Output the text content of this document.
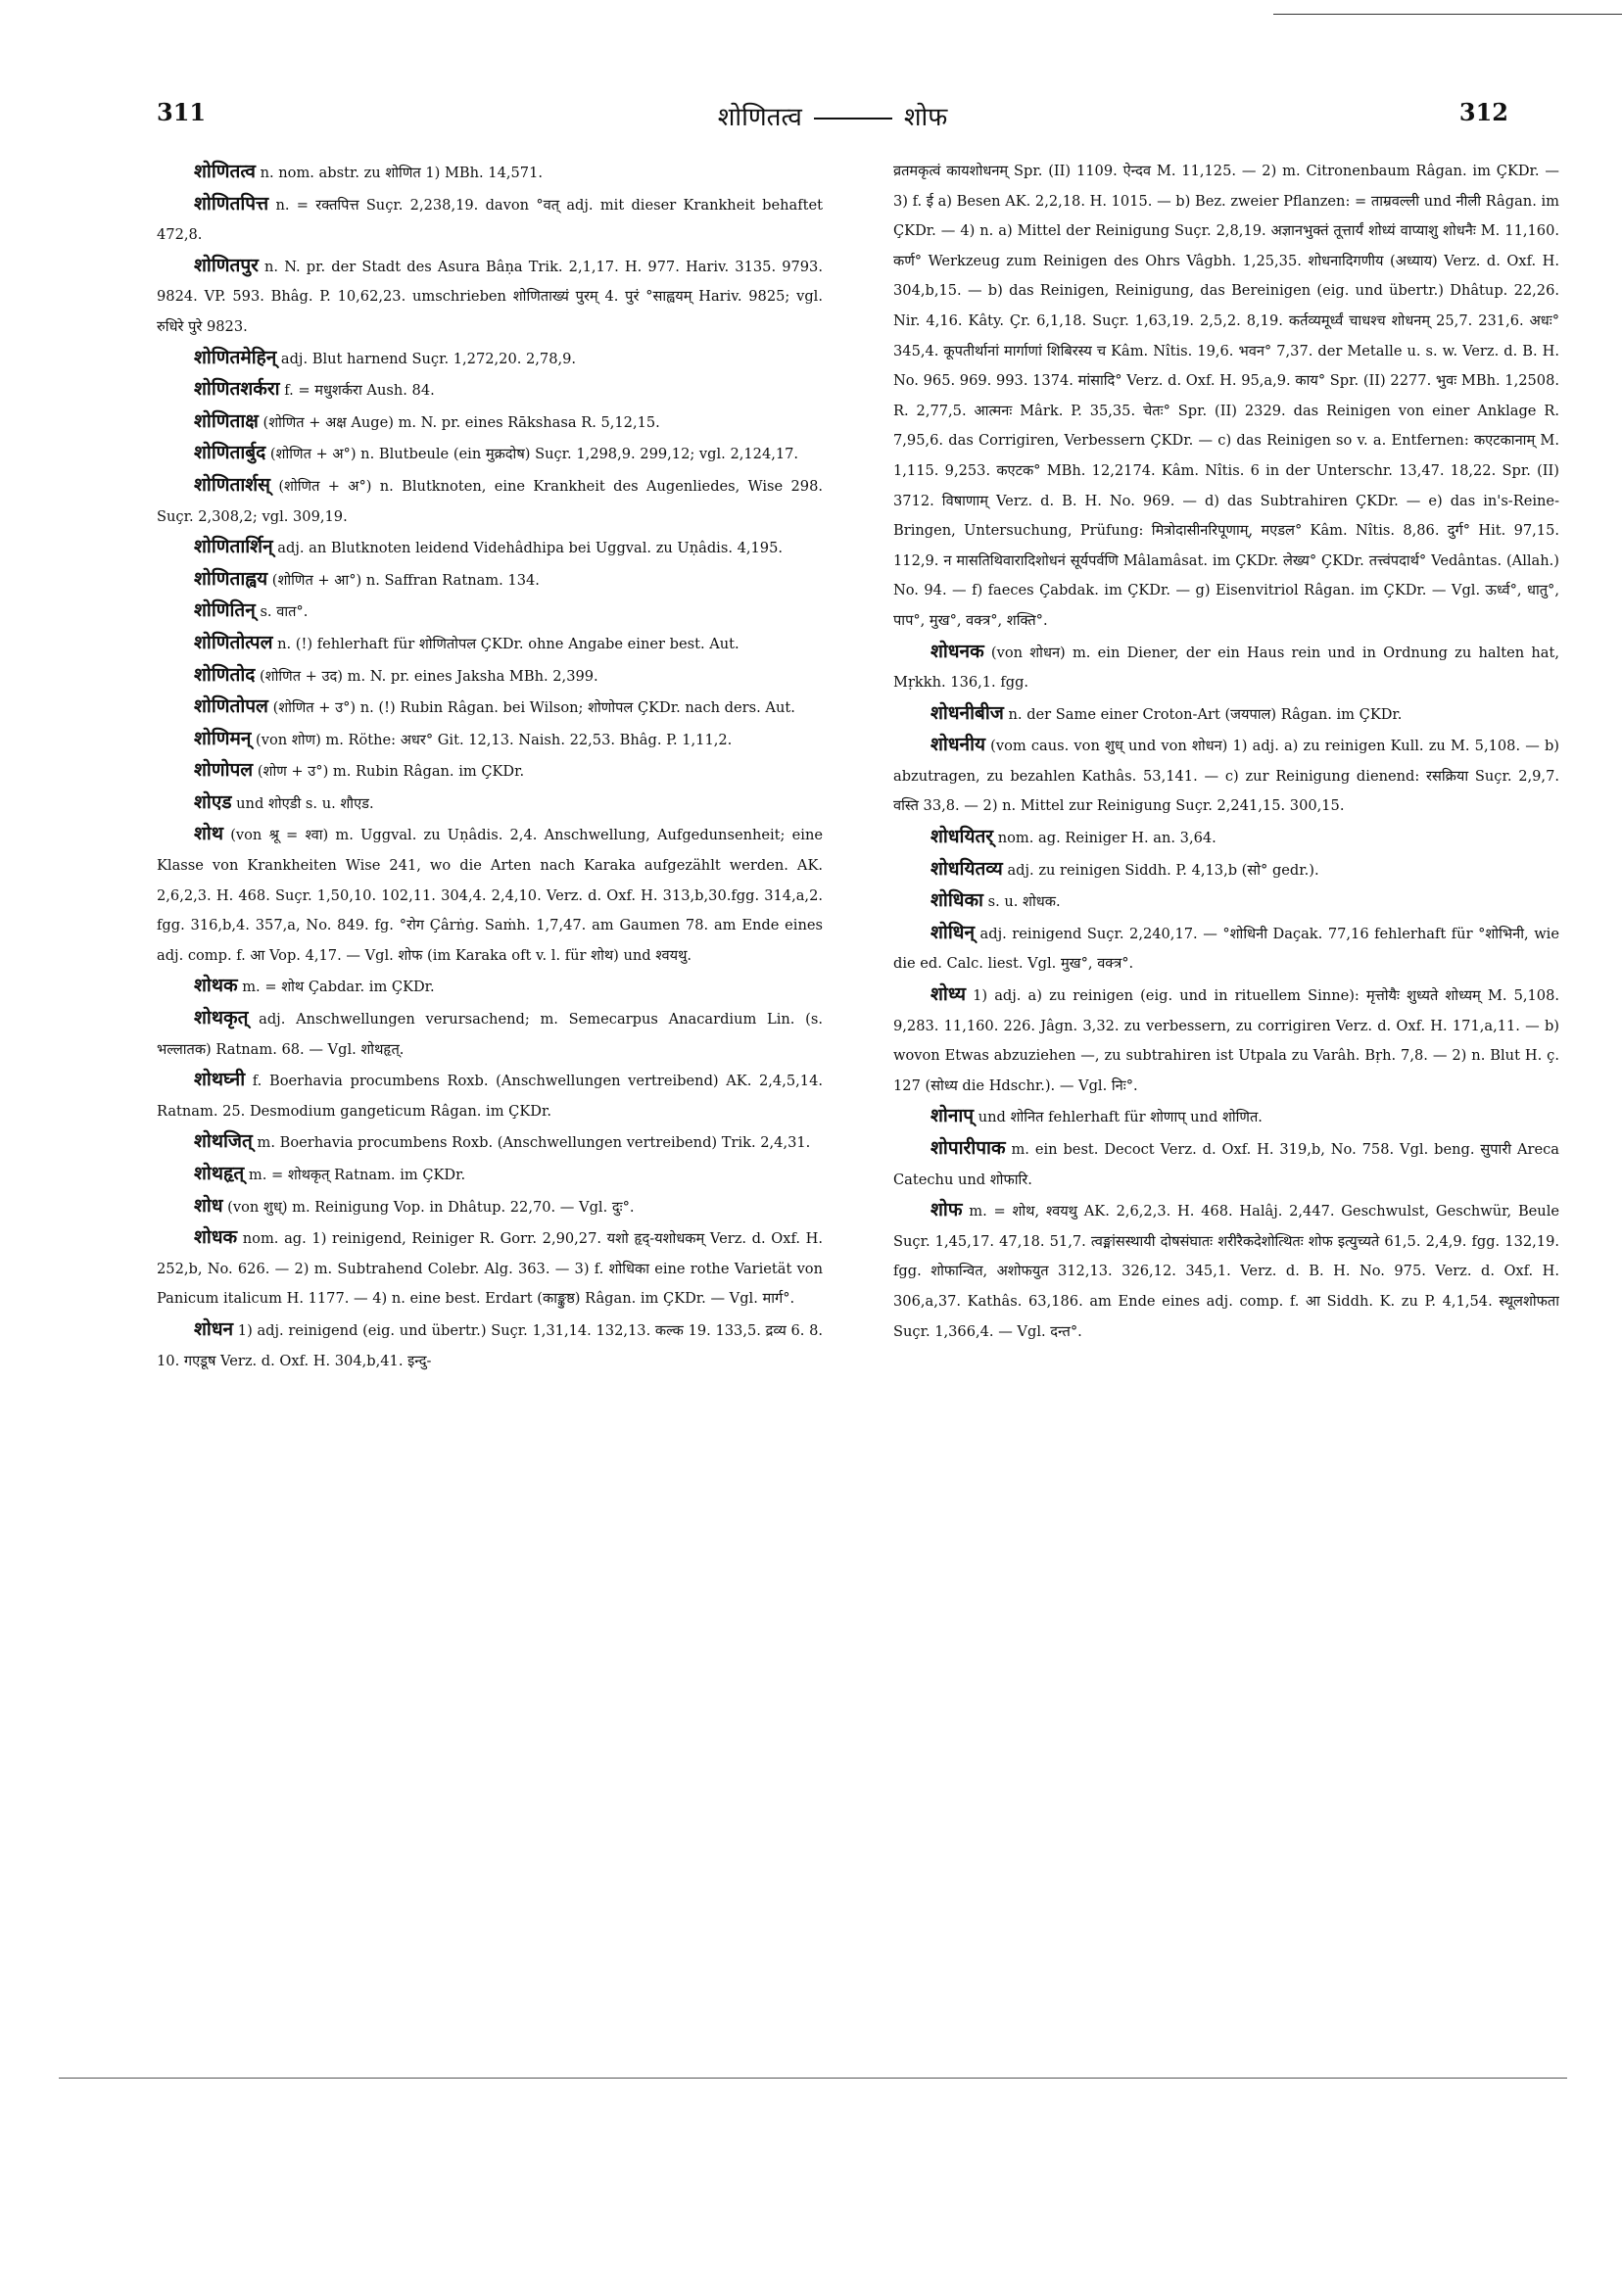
311	शोणितत्व	शोफ	312

शोणितत्व n. nom. abstr. zu शोणित 1) MBh. 14,571.

शोणितपित्त n. = रक्तपित्त Suçr. 2,238,19. davon °वत् adj. mit dieser Krankheit behaftet 472,8.

शोणितपुर n. N. pr. der Stadt des Asura Bâṇa Trik. 2,1,17. H. 977. Hariv. 3135. 9793. 9824. VP. 593. Bhâg. P. 10,62,23. umschrieben शोणिताख्यं पुरम् 4. पुरं °साह्वयम् Hariv. 9825; vgl. रुधिरे पुरे 9823.

शोणितमेहिन् adj. Blut harnend Suçr. 1,272,20. 2,78,9.

शोणितशर्करा f. = मधुशर्करा Aush. 84.

शोणिताक्ष (शोणित + अक्ष Auge) m. N. pr. eines Rākshasa R. 5,12,15.

शोणितार्बुद (शोणित + अ°) n. Blutbeule (ein मुक्रदोष) Suçr. 1,298,9. 299,12; vgl. 2,124,17.

शोणितार्शस् (शोणित + अ°) n. Blutknoten, eine Krankheit des Augenliedes, Wise 298. Suçr. 2,308,2; vgl. 309,19.

शोणितार्शिन् adj. an Blutknoten leidend Videhâdhipa bei Uggval. zu Uṇâdis. 4,195.

शोणिताह्वय (शोणित + आ°) n. Saffran Ratnam. 134.

शोणितिन् s. वात°.

शोणितोत्पल n. (!) fehlerhaft für शोणितोपल ÇKDr. ohne Angabe einer best. Aut.

शोणितोद (शोणित + उद) m. N. pr. eines Jaksha MBh. 2,399.

शोणितोपल (शोणित + उ°) n. (!) Rubin Râgan. bei Wilson; शोणोपल ÇKDr. nach ders. Aut.

शोणिमन् (von शोण) m. Röthe: अधर° Git. 12,13. Naish. 22,53. Bhâg. P. 1,11,2.

शोणोपल (शोण + उ°) m. Rubin Râgan. im ÇKDr.

शोएड und शोएडी s. u. शौएड.

शोथ (von श्रू = श्वा) m. Uggval. zu Uṇâdis. 2,4. Anschwellung, Aufgedunsenheit; eine Klasse von Krankheiten Wise 241, wo die Arten nach Karaka aufgezählt werden. AK. 2,6,2,3. H. 468. Suçr. 1,50,10. 102,11. 304,4. 2,4,10. Verz. d. Oxf. H. 313,b,30.fgg. 314,a,2. fgg. 316,b,4. 357,a, No. 849. fg. °रोग Çârṅg. Saṁh. 1,7,47. am Gaumen 78. am Ende eines adj. comp. f. आ Vop. 4,17. — Vgl. शोफ (im Karaka oft v. l. für शोथ) und श्वयथु.

शोथक m. = शोथ Çabdar. im ÇKDr.

शोथकृत् adj. Anschwellungen verursachend; m. Semecarpus Anacardium Lin. (s. भल्लातक) Ratnam. 68. — Vgl. शोथहृत्.

शोथघ्नी f. Boerhavia procumbens Roxb. (Anschwellungen vertreibend) AK. 2,4,5,14. Ratnam. 25. Desmodium gangeticum Râgan. im ÇKDr.

शोथजित् m. Boerhavia procumbens Roxb. (Anschwellungen vertreibend) Trik. 2,4,31.

शोथहृत् m. = शोथकृत् Ratnam. im ÇKDr.

शोध (von शुध्) m. Reinigung Vop. in Dhâtup. 22,70. — Vgl. दुः°.

शोधक nom. ag. 1) reinigend, Reiniger R. Gorr. 2,90,27. यशो हृद्-यशोधकम् Verz. d. Oxf. H. 252,b, No. 626. — 2) m. Subtrahend Colebr. Alg. 363. — 3) f. शोधिका eine rothe Varietät von Panicum italicum H. 1177. — 4) n. eine best. Erdart (काङ्कुष्ठ) Râgan. im ÇKDr. — Vgl. मार्ग°.

शोधन 1) adj. reinigend (eig. und übertr.) Suçr. 1,31,14. 132,13. कल्क 19. 133,5. द्रव्य 6. 8. 10. गएडूष Verz. d. Oxf. H. 304,b,41. इन्दु-

व्रतमकृत्वं कायशोधनम् Spr. (II) 1109. ऐन्दव M. 11,125. — 2) m. Citronenbaum Râgan. im ÇKDr. — 3) f. ई a) Besen AK. 2,2,18. H. 1015. — b) Bez. zweier Pflanzen: = ताम्रवल्ली und नीली Râgan. im ÇKDr. — 4) n. a) Mittel der Reinigung Suçr. 2,8,19. अज्ञानभुक्तं तूत्तार्यं शोध्यं वाप्याशु शोधनैः M. 11,160. कर्ण° Werkzeug zum Reinigen des Ohrs Vâgbh. 1,25,35. शोधनादिगणीय (अध्याय) Verz. d. Oxf. H. 304,b,15. — b) das Reinigen, Reinigung, das Bereinigen (eig. und übertr.) Dhâtup. 22,26. Nir. 4,16. Kâty. Çr. 6,1,18. Suçr. 1,63,19. 2,5,2. 8,19. कर्तव्यमूर्ध्वं चाधश्च शोधनम् 25,7. 231,6. अधः° 345,4. कूपतीर्थानां मार्गाणां शिबिरस्य च Kâm. Nîtis. 19,6. भवन° 7,37. der Metalle u. s. w. Verz. d. B. H. No. 965. 969. 993. 1374. मांसादि° Verz. d. Oxf. H. 95,a,9. काय° Spr. (II) 2277. भुवः MBh. 1,2508. R. 2,77,5. आत्मनः Mârk. P. 35,35. चेतः° Spr. (II) 2329. das Reinigen von einer Anklage R. 7,95,6. das Corrigiren, Verbessern ÇKDr. — c) das Reinigen so v. a. Entfernen: कएटकानाम् M. 1,115. 9,253. कएटक° MBh. 12,2174. Kâm. Nîtis. 6 in der Unterschr. 13,47. 18,22. Spr. (II) 3712. विषाणाम् Verz. d. B. H. No. 969. — d) das Subtrahiren ÇKDr. — e) das in's-Reine-Bringen, Untersuchung, Prüfung: मित्रोदासीनरिपूणाम्, मएडल° Kâm. Nîtis. 8,86. दुर्ग° Hit. 97,15. 112,9. न मासतिथिवारादिशोधनं सूर्यपर्वणि Mâlamâsat. im ÇKDr. लेख्य° ÇKDr. तत्त्वंपदार्थ° Vedântas. (Allah.) No. 94. — f) faeces Çabdak. im ÇKDr. — g) Eisenvitriol Râgan. im ÇKDr. — Vgl. ऊर्ध्व°, धातु°, पाप°, मुख°, वक्त्र°, शक्ति°.

शोधनक (von शोधन) m. ein Diener, der ein Haus rein und in Ordnung zu halten hat, Mṛkkh. 136,1. fgg.

शोधनीबीज n. der Same einer Croton-Art (जयपाल) Râgan. im ÇKDr.

शोधनीय (vom caus. von शुध् und von शोधन) 1) adj. a) zu reinigen Kull. zu M. 5,108. — b) abzutragen, zu bezahlen Kathâs. 53,141. — c) zur Reinigung dienend: रसक्रिया Suçr. 2,9,7. वस्ति 33,8. — 2) n. Mittel zur Reinigung Suçr. 2,241,15. 300,15.

शोधयितर् nom. ag. Reiniger H. an. 3,64.

शोधयितव्य adj. zu reinigen Siddh. P. 4,13,b (सो° gedr.).

शोधिका s. u. शोधक.

शोधिन् adj. reinigend Suçr. 2,240,17. — °शोधिनी Daçak. 77,16 fehlerhaft für °शोभिनी, wie die ed. Calc. liest. Vgl. मुख°, वक्त्र°.

शोध्य 1) adj. a) zu reinigen (eig. und in rituellem Sinne): मृत्तोयैः शुध्यते शोध्यम् M. 5,108. 9,283. 11,160. 226. Jâgn. 3,32. zu verbessern, zu corrigiren Verz. d. Oxf. H. 171,a,11. — b) wovon Etwas abzuziehen —, zu subtrahiren ist Utpala zu Varâh. Bṛh. 7,8. — 2) n. Blut H. ç. 127 (सोध्य die Hdschr.). — Vgl. निः°.

शोनाप् und शोनित fehlerhaft für शोणाप् und शोणित.

शोपारीपाक m. ein best. Decoct Verz. d. Oxf. H. 319,b, No. 758. Vgl. beng. सुपारी Areca Catechu und शोफारि.

शोफ m. = शोथ, श्वयथु AK. 2,6,2,3. H. 468. Halâj. 2,447. Geschwulst, Geschwür, Beule Suçr. 1,45,17. 47,18. 51,7. त्वङ्मांसस्थायी दोषसंघातः शरीरैकदेशोत्थितः शोफ इत्युच्यते 61,5. 2,4,9. fgg. 132,19. fgg. शोफान्वित, अशोफयुत 312,13. 326,12. 345,1. Verz. d. B. H. No. 975. Verz. d. Oxf. H. 306,a,37. Kathâs. 63,186. am Ende eines adj. comp. f. आ Siddh. K. zu P. 4,1,54. स्थूलशोफता Suçr. 1,366,4. — Vgl. दन्त°.
